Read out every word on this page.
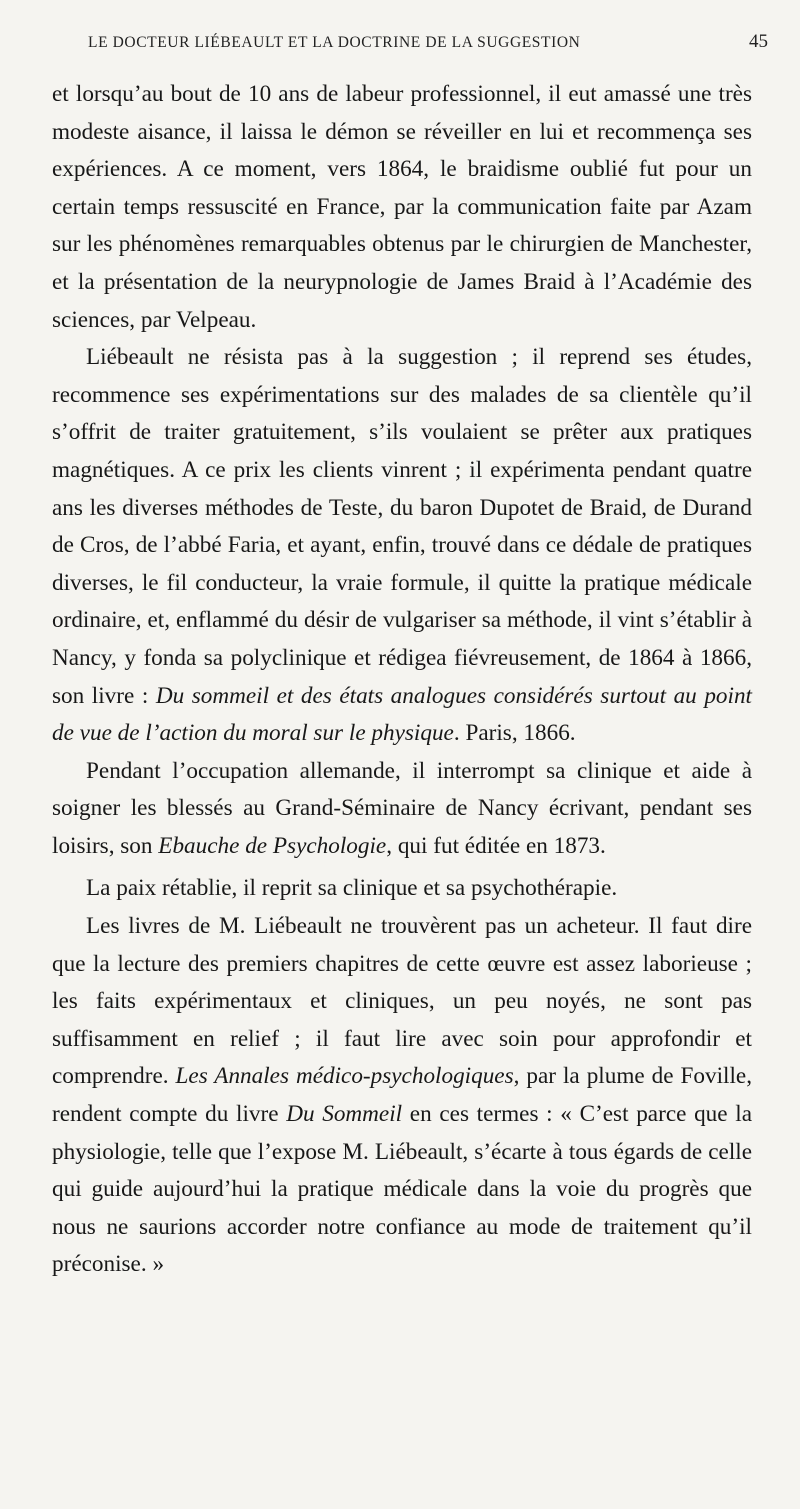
LE DOCTEUR LIÉBEAULT ET LA DOCTRINE DE LA SUGGESTION	45

et lorsqu’au bout de 10 ans de labeur professionnel, il eut amassé une très modeste aisance, il laissa le démon se réveiller en lui et recommença ses expériences. A ce moment, vers 1864, le braidisme oublié fut pour un certain temps ressuscité en France, par la communication faite par Azam sur les phénomènes remarquables obtenus par le chirurgien de Manchester, et la présentation de la neurypnologie de James Braid à l’Académie des sciences, par Velpeau.

Liébeault ne résista pas à la suggestion ; il reprend ses études, recommence ses expérimentations sur des malades de sa clientèle qu’il s’offrit de traiter gratuitement, s’ils voulaient se prêter aux pratiques magnétiques. A ce prix les clients vinrent ; il expérimenta pendant quatre ans les diverses méthodes de Teste, du baron Dupotet de Braid, de Durand de Cros, de l’abbé Faria, et ayant, enfin, trouvé dans ce dédale de pratiques diverses, le fil conducteur, la vraie formule, il quitte la pratique médicale ordinaire, et, enflammé du désir de vulgariser sa méthode, il vint s’établir à Nancy, y fonda sa polyclinique et rédigea fiévreusement, de 1864 à 1866, son livre : Du sommeil et des états analogues considérés surtout au point de vue de l’action du moral sur le physique. Paris, 1866.

Pendant l’occupation allemande, il interrompt sa clinique et aide à soigner les blessés au Grand-Séminaire de Nancy écrivant, pendant ses loisirs, son Ebauche de Psychologie, qui fut éditée en 1873.

La paix rétablie, il reprit sa clinique et sa psychothérapie.

Les livres de M. Liébeault ne trouvèrent pas un acheteur. Il faut dire que la lecture des premiers chapitres de cette œuvre est assez laborieuse ; les faits expérimentaux et cliniques, un peu noyés, ne sont pas suffisamment en relief ; il faut lire avec soin pour approfondir et comprendre. Les Annales médico-psychologiques, par la plume de Foville, rendent compte du livre Du Sommeil en ces termes : « C’est parce que la physiologie, telle que l’expose M. Liébeault, s’écarte à tous égards de celle qui guide aujourd’hui la pratique médicale dans la voie du progrès que nous ne saurions accorder notre confiance au mode de traitement qu’il préconise. »
